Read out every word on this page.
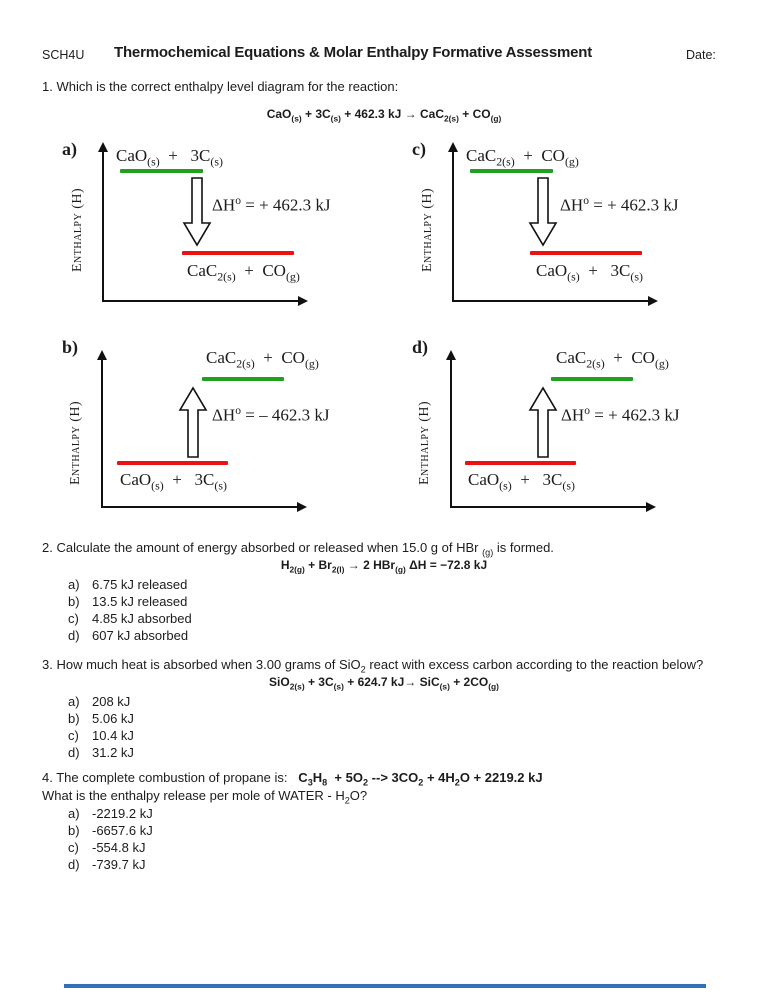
SCH4U Thermochemical Equations & Molar Enthalpy Formative Assessment	Date:
1. Which is the correct enthalpy level diagram for the reaction:
$CaO_{(s)} + 3C_{(s)} + 462.3$ kJ → $CaC_{2(s)} + CO_{(g)}$
a)
Enthalpy (H)
$CaO_{(s)} + 3C_{(s)}$
$\Delta H^o$ = + 462.3 kJ
$CaC_{2(s)} + CO_{(g)}$
c)
Enthalpy (H)
$CaC_{2(s)} + CO_{(g)}$
$\Delta H^o$ = + 462.3 kJ
$CaO_{(s)} + 3C_{(s)}$
b)
Enthalpy (H)
$CaC_{2(s)} + CO_{(g)}$
$\Delta H^o$ = – 462.3 kJ
$CaO_{(s)} + 3C_{(s)}$
d)
Enthalpy (H)
$CaC_{2(s)} + CO_{(g)}$
$\Delta H^o$ = + 462.3 kJ
$CaO_{(s)} + 3C_{(s)}$
2. Calculate the amount of energy absorbed or released when 15.0 g of HBr $_{(g)}$ is formed.
$H_{2(g)} + Br_{2(l)} \to 2$ HBr$_{(g)}$ ΔH = −72.8 kJ
a) 6.75 kJ released
b) 13.5 kJ released
c)	4.85 kJ absorbed
d) 607 kJ absorbed
3. How much heat is absorbed when 3.00 grams of SiO$_2$ react with excess carbon according to the reaction below?
$SiO_{2(s)} + 3C_{(s)} + 624.7$ $kJ\to SiC_{(s)} + 2CO_{(g)}$
a) 208 kJ
b) 5.06 kJ
c)	10.4 kJ
d) 31.2 kJ
4. The complete combustion of propane is:   $C_3H_8 + 5O_2$ --> $3CO_2 + 4H_2O + 2219.2$ kJ
What is the enthalpy release per mole of WATER - $H_2O$?
a) -2219.2 kJ
b) -6657.6 kJ
c)	-554.8 kJ
d) -739.7 kJ
